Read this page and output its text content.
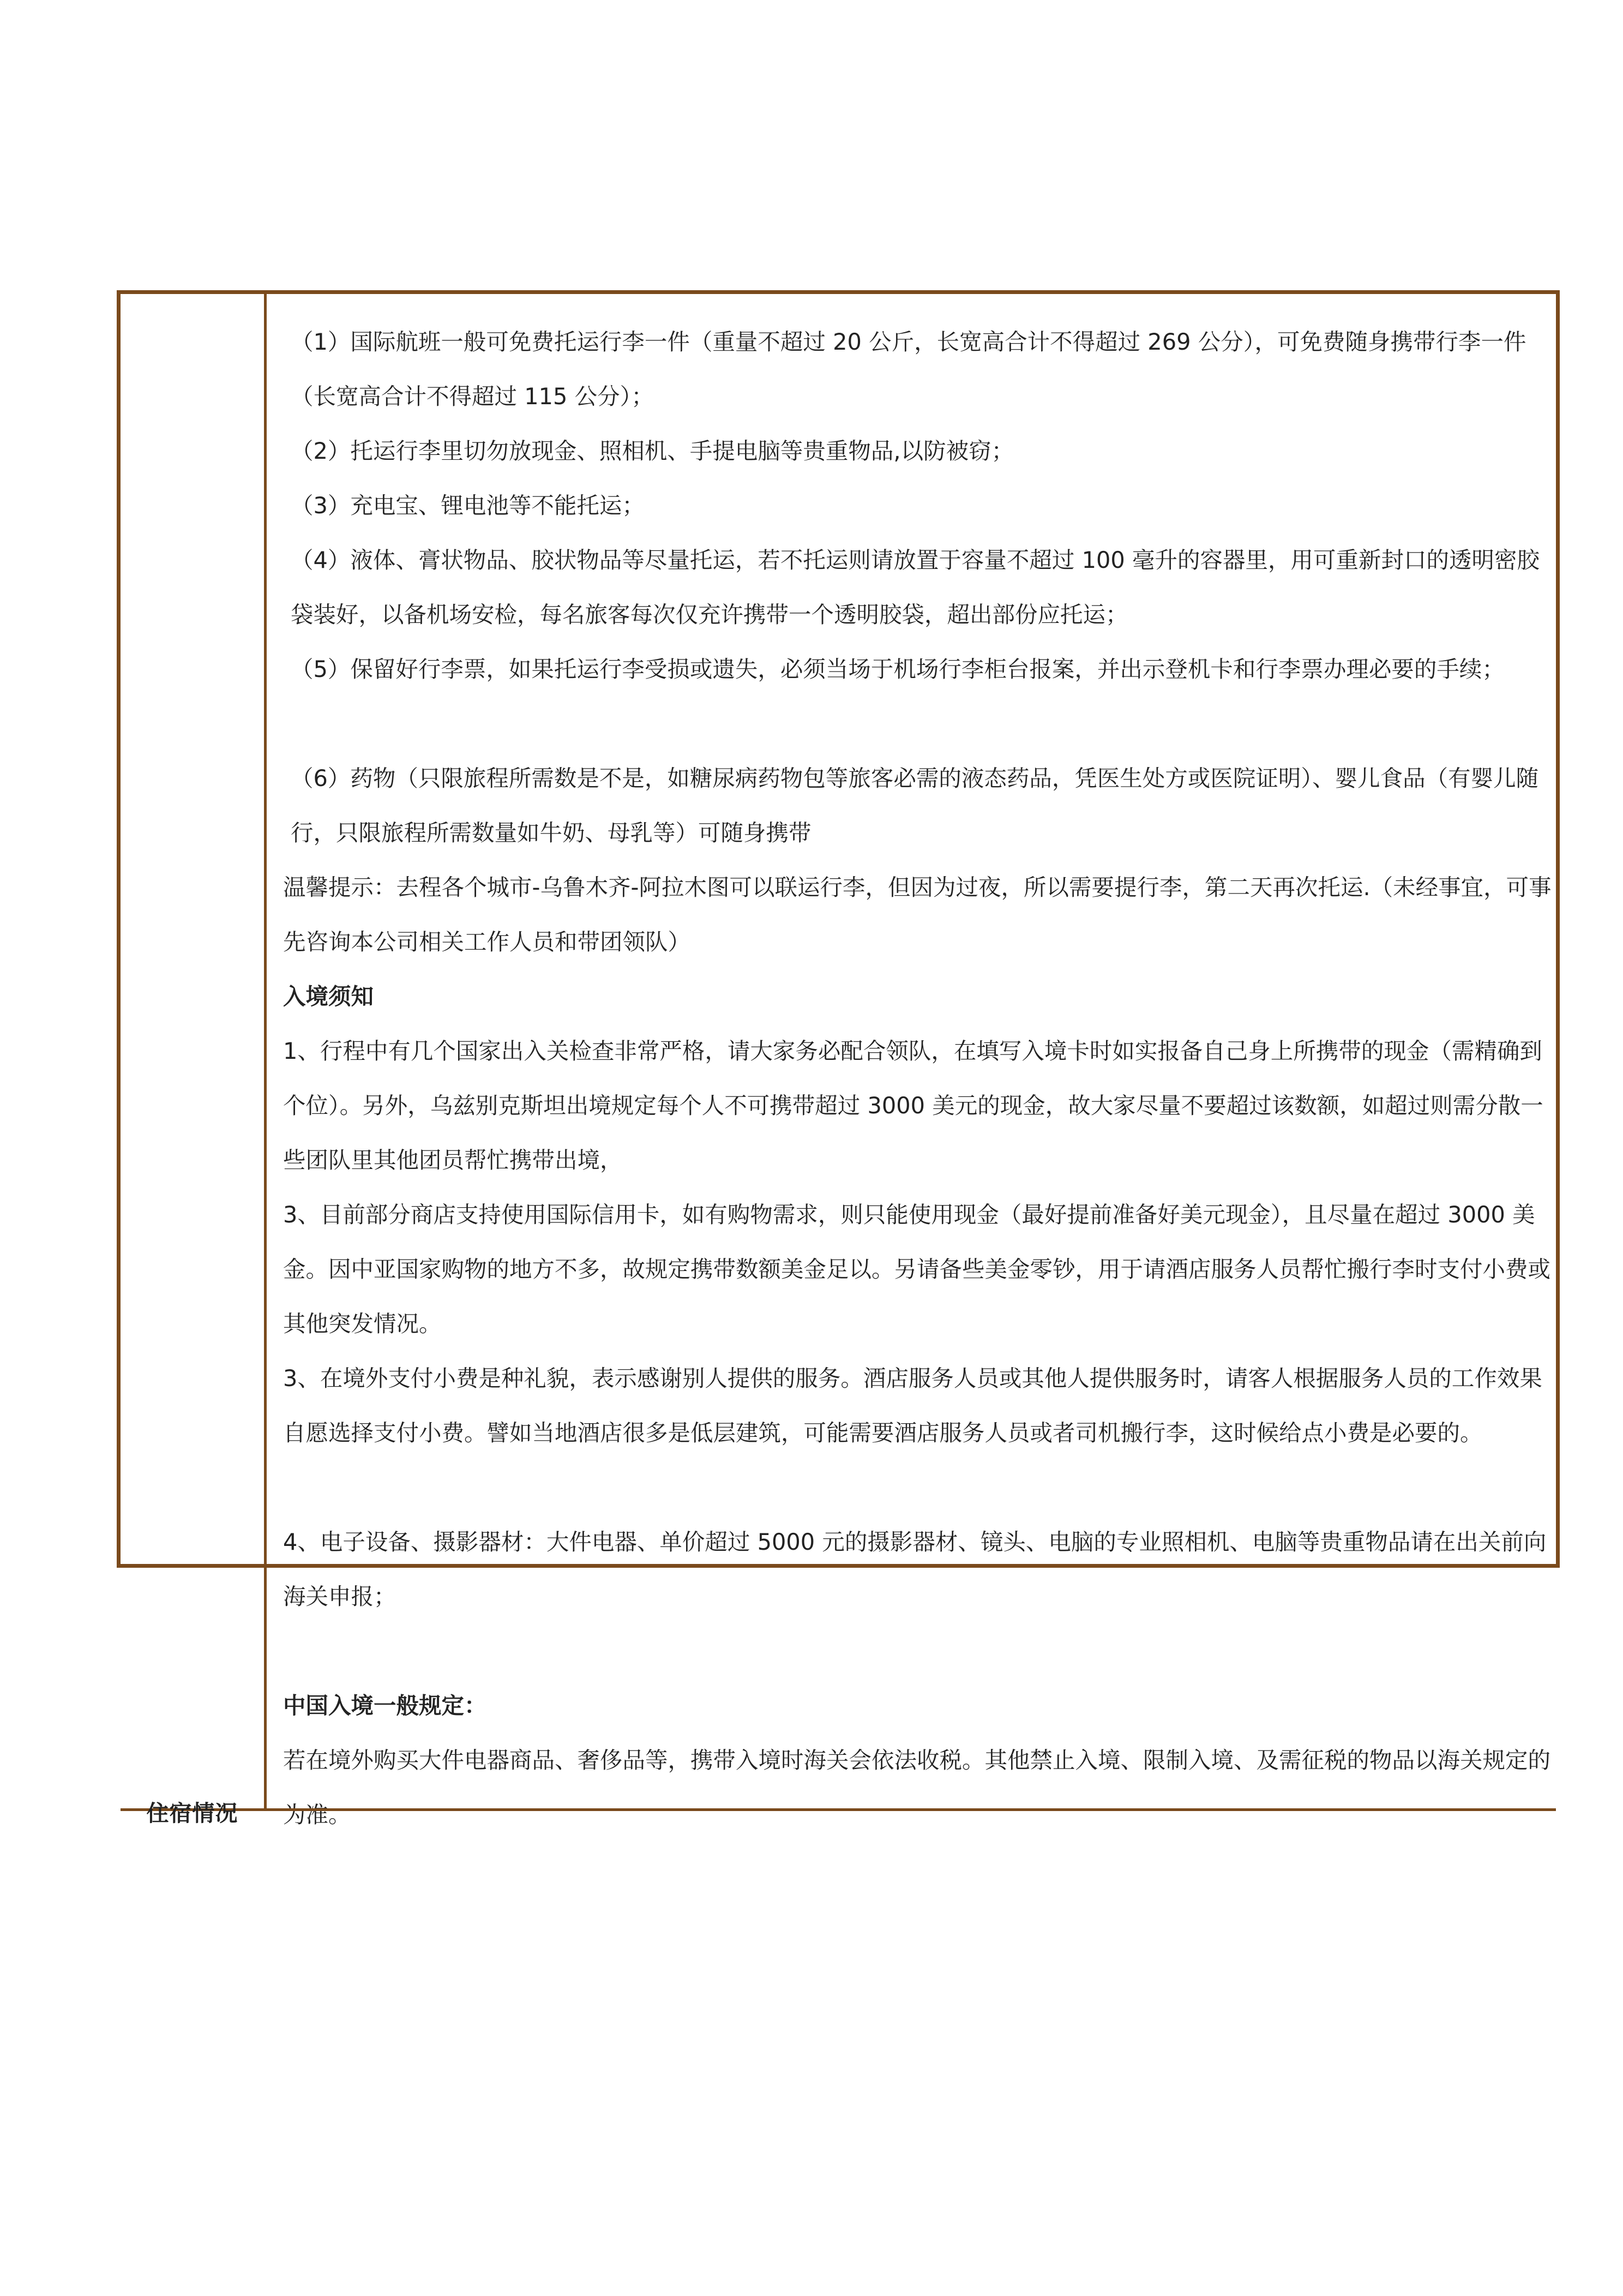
（1）国际航班一般可免费托运行李一件（重量不超过 20 公斤，长宽高合计不得超过 269 公分），可免费随身携带行李一件（长宽高合计不得超过 115 公分）；

（2）托运行李里切勿放现金、照相机、手提电脑等贵重物品,以防被窃；

（3）充电宝、锂电池等不能托运；

（4）液体、膏状物品、胶状物品等尽量托运，若不托运则请放置于容量不超过 100 毫升的容器里，用可重新封口的透明密胶袋装好，以备机场安检，每名旅客每次仅充许携带一个透明胶袋，超出部份应托运；

（5）保留好行李票，如果托运行李受损或遗失，必须当场于机场行李柜台报案，并出示登机卡和行李票办理必要的手续；

（6）药物（只限旅程所需数是不是，如糖尿病药物包等旅客必需的液态药品，凭医生处方或医院证明）、婴儿食品（有婴儿随行，只限旅程所需数量如牛奶、母乳等）可随身携带

温馨提示：去程各个城市-乌鲁木齐-阿拉木图可以联运行李，但因为过夜，所以需要提行李，第二天再次托运.（未经事宜，可事先咨询本公司相关工作人员和带团领队）

入境须知

1、行程中有几个国家出入关检查非常严格，请大家务必配合领队，在填写入境卡时如实报备自己身上所携带的现金（需精确到个位）。另外，乌兹别克斯坦出境规定每个人不可携带超过 3000 美元的现金，故大家尽量不要超过该数额，如超过则需分散一些团队里其他团员帮忙携带出境，

3、目前部分商店支持使用国际信用卡，如有购物需求，则只能使用现金（最好提前准备好美元现金），且尽量在超过 3000 美金。因中亚国家购物的地方不多，故规定携带数额美金足以。另请备些美金零钞，用于请酒店服务人员帮忙搬行李时支付小费或其他突发情况。

3、在境外支付小费是种礼貌，表示感谢别人提供的服务。酒店服务人员或其他人提供服务时，请客人根据服务人员的工作效果自愿选择支付小费。譬如当地酒店很多是低层建筑，可能需要酒店服务人员或者司机搬行李，这时候给点小费是必要的。

4、电子设备、摄影器材：大件电器、单价超过 5000 元的摄影器材、镜头、电脑的专业照相机、电脑等贵重物品请在出关前向海关申报；

中国入境一般规定：

若在境外购买大件电器商品、奢侈品等，携带入境时海关会依法收税。其他禁止入境、限制入境、及需征税的物品以海关规定的为准。

住宿情况
